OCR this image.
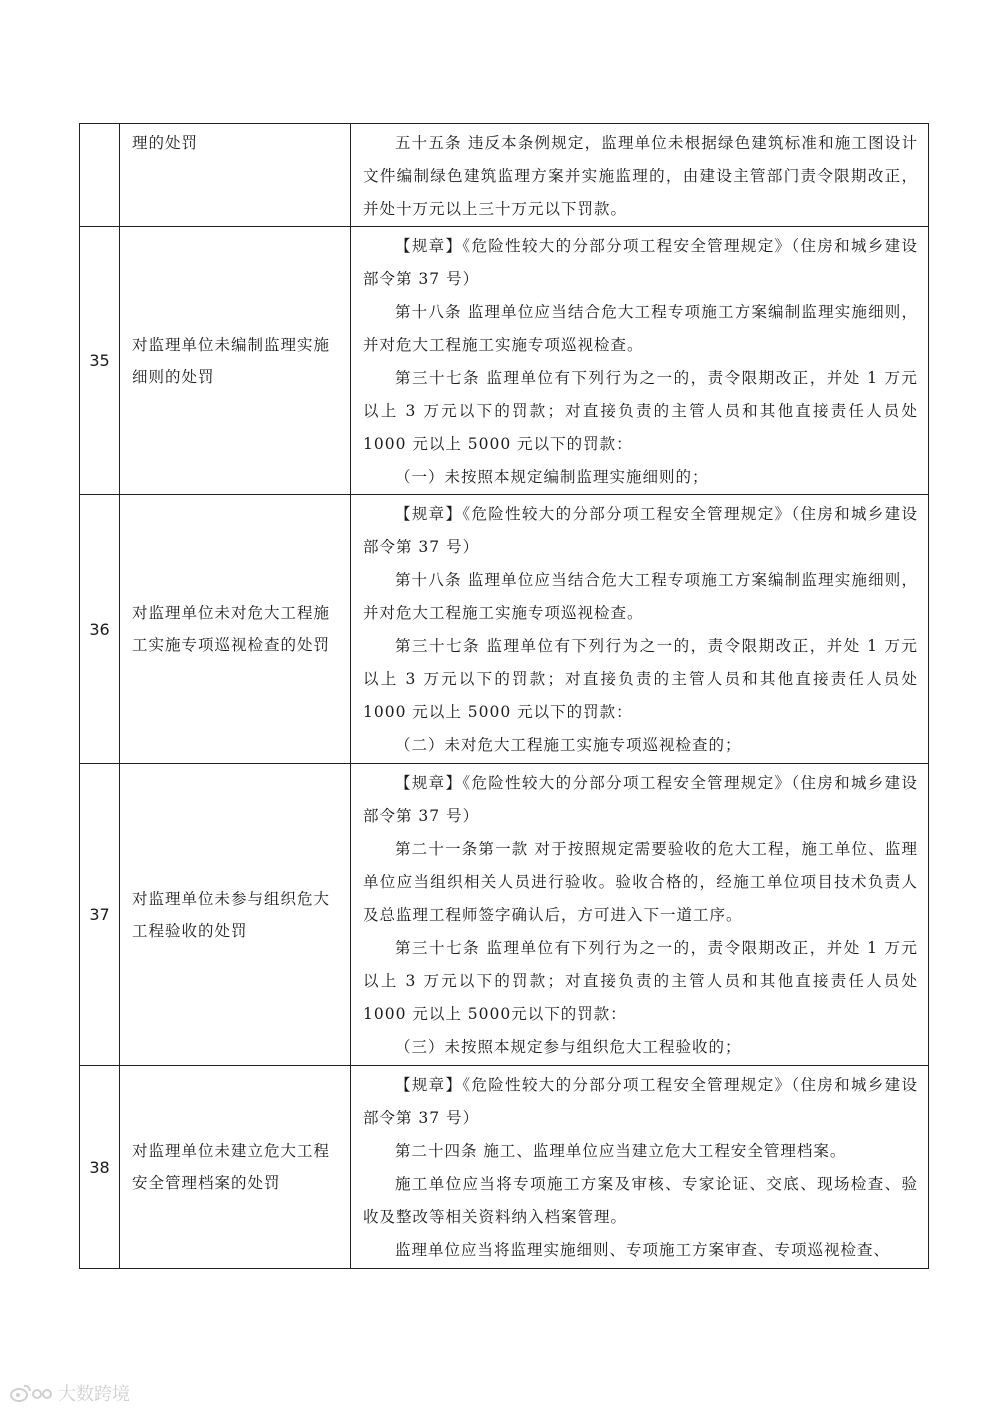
	理的处罚	五十五条 违反本条例规定，监理单位未根据绿色建筑标准和施工图设计文件编制绿色建筑监理方案并实施监理的，由建设主管部门责令限期改正，并处十万元以上三十万元以下罚款。

35	对监理单位未编制监理实施细则的处罚	【规章】《危险性较大的分部分项工程安全管理规定》（住房和城乡建设部令第 37 号）

第十八条 监理单位应当结合危大工程专项施工方案编制监理实施细则，并对危大工程施工实施专项巡视检查。

第三十七条 监理单位有下列行为之一的，责令限期改正，并处 1 万元以上 3 万元以下的罚款；对直接负责的主管人员和其他直接责任人员处 1000 元以上 5000 元以下的罚款：

（一）未按照本规定编制监理实施细则的；

36	对监理单位未对危大工程施工实施专项巡视检查的处罚	【规章】《危险性较大的分部分项工程安全管理规定》（住房和城乡建设部令第 37 号）

第十八条 监理单位应当结合危大工程专项施工方案编制监理实施细则，并对危大工程施工实施专项巡视检查。

第三十七条 监理单位有下列行为之一的，责令限期改正，并处 1 万元以上 3 万元以下的罚款；对直接负责的主管人员和其他直接责任人员处 1000 元以上 5000 元以下的罚款：

（二）未对危大工程施工实施专项巡视检查的；

37	对监理单位未参与组织危大工程验收的处罚	【规章】《危险性较大的分部分项工程安全管理规定》（住房和城乡建设部令第 37 号）

第二十一条第一款 对于按照规定需要验收的危大工程，施工单位、监理单位应当组织相关人员进行验收。验收合格的，经施工单位项目技术负责人及总监理工程师签字确认后，方可进入下一道工序。

第三十七条 监理单位有下列行为之一的，责令限期改正，并处 1 万元以上 3 万元以下的罚款；对直接负责的主管人员和其他直接责任人员处 1000 元以上 5000元以下的罚款：

（三）未按照本规定参与组织危大工程验收的；

38	对监理单位未建立危大工程安全管理档案的处罚	【规章】《危险性较大的分部分项工程安全管理规定》（住房和城乡建设部令第 37 号）

第二十四条 施工、监理单位应当建立危大工程安全管理档案。

施工单位应当将专项施工方案及审核、专家论证、交底、现场检查、验收及整改等相关资料纳入档案管理。

监理单位应当将监理实施细则、专项施工方案审查、专项巡视检查、

大数跨境
